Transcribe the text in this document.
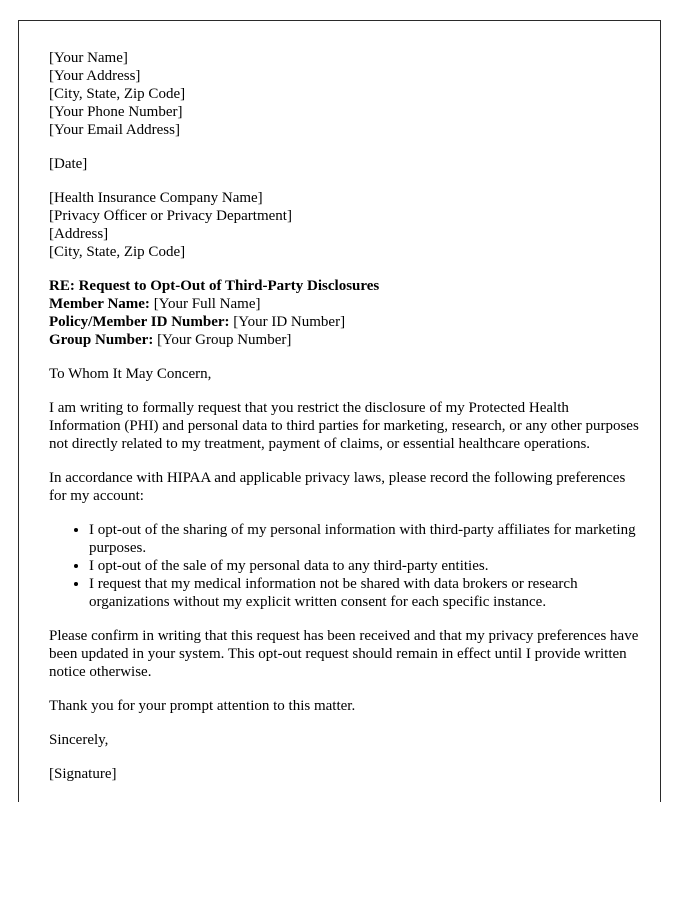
[Your Name]
[Your Address]
[City, State, Zip Code]
[Your Phone Number]
[Your Email Address]
[Date]
[Health Insurance Company Name]
[Privacy Officer or Privacy Department]
[Address]
[City, State, Zip Code]
RE: Request to Opt-Out of Third-Party Disclosures
Member Name: [Your Full Name]
Policy/Member ID Number: [Your ID Number]
Group Number: [Your Group Number]

To Whom It May Concern,

I am writing to formally request that you restrict the disclosure of my Protected Health Information (PHI) and personal data to third parties for marketing, research, or any other purposes not directly related to my treatment, payment of claims, or essential healthcare operations.

In accordance with HIPAA and applicable privacy laws, please record the following preferences for my account:

• I opt-out of the sharing of my personal information with third-party affiliates for marketing purposes.
• I opt-out of the sale of my personal data to any third-party entities.
• I request that my medical information not be shared with data brokers or research organizations without my explicit written consent for each specific instance.

Please confirm in writing that this request has been received and that my privacy preferences have been updated in your system. This opt-out request should remain in effect until I provide written notice otherwise.

Thank you for your prompt attention to this matter.

Sincerely,

[Signature]
